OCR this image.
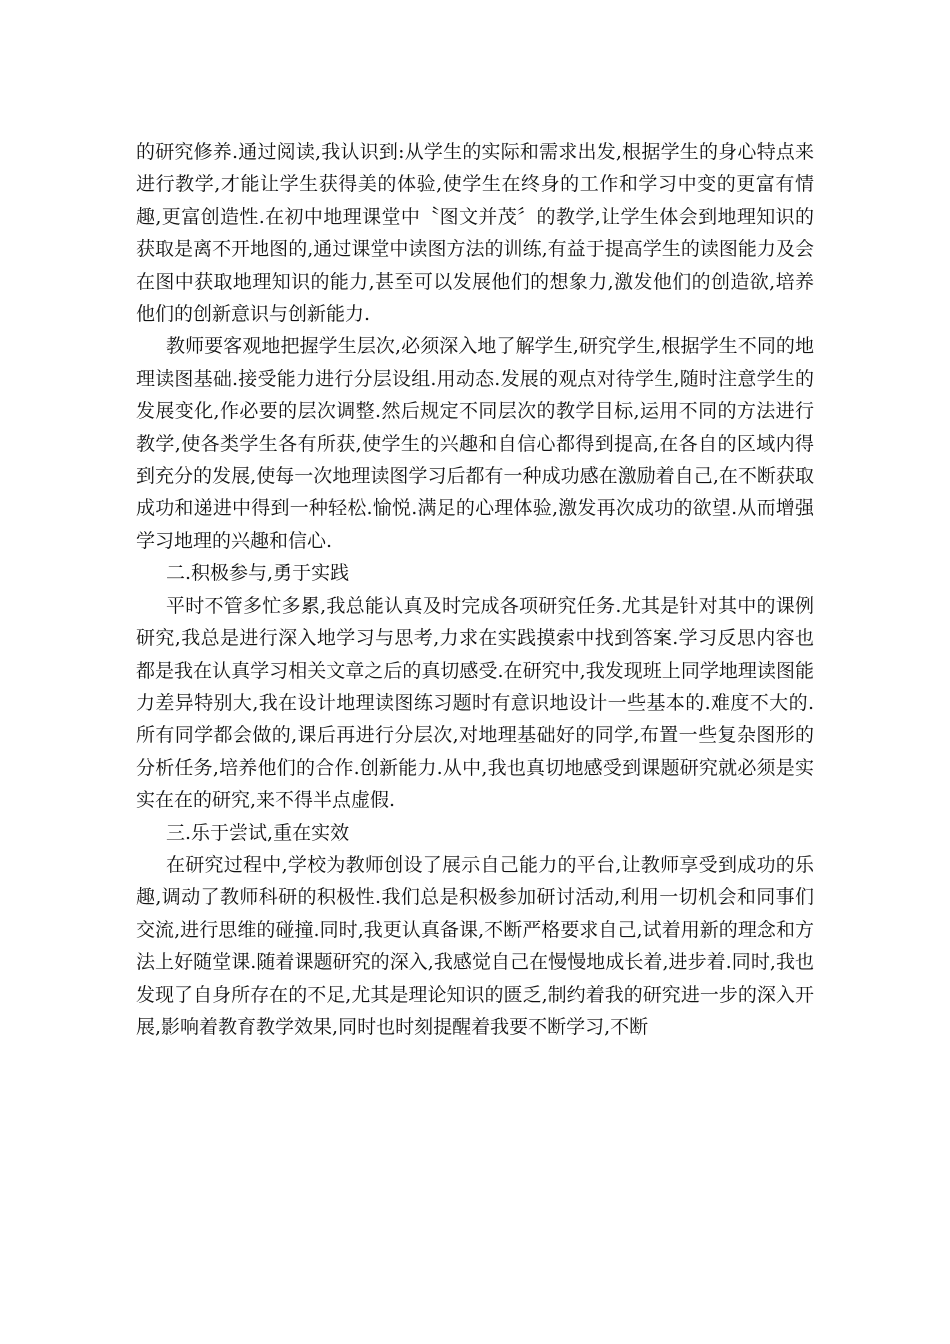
的研究修养.通过阅读,我认识到:从学生的实际和需求出发,根据学生的身心特点来进行教学,才能让学生获得美的体验,使学生在终身的工作和学习中变的更富有情趣,更富创造性.在初中地理课堂中〝图文并茂〞的教学,让学生体会到地理知识的获取是离不开地图的,通过课堂中读图方法的训练,有益于提高学生的读图能力及会在图中获取地理知识的能力,甚至可以发展他们的想象力,激发他们的创造欲,培养他们的创新意识与创新能力.

教师要客观地把握学生层次,必须深入地了解学生,研究学生,根据学生不同的地理读图基础.接受能力进行分层设组.用动态.发展的观点对待学生,随时注意学生的发展变化,作必要的层次调整.然后规定不同层次的教学目标,运用不同的方法进行教学,使各类学生各有所获,使学生的兴趣和自信心都得到提高,在各自的区域内得到充分的发展,使每一次地理读图学习后都有一种成功感在激励着自己,在不断获取成功和递进中得到一种轻松.愉悦.满足的心理体验,激发再次成功的欲望.从而增强学习地理的兴趣和信心.

二.积极参与,勇于实践

平时不管多忙多累,我总能认真及时完成各项研究任务.尤其是针对其中的课例研究,我总是进行深入地学习与思考,力求在实践摸索中找到答案.学习反思内容也都是我在认真学习相关文章之后的真切感受.在研究中,我发现班上同学地理读图能力差异特别大,我在设计地理读图练习题时有意识地设计一些基本的.难度不大的.所有同学都会做的,课后再进行分层次,对地理基础好的同学,布置一些复杂图形的分析任务,培养他们的合作.创新能力.从中,我也真切地感受到课题研究就必须是实实在在的研究,来不得半点虚假.

三.乐于尝试,重在实效

在研究过程中,学校为教师创设了展示自己能力的平台,让教师享受到成功的乐趣,调动了教师科研的积极性.我们总是积极参加研讨活动,利用一切机会和同事们交流,进行思维的碰撞.同时,我更认真备课,不断严格要求自己,试着用新的理念和方法上好随堂课.随着课题研究的深入,我感觉自己在慢慢地成长着,进步着.同时,我也发现了自身所存在的不足,尤其是理论知识的匮乏,制约着我的研究进一步的深入开展,影响着教育教学效果,同时也时刻提醒着我要不断学习,不断
